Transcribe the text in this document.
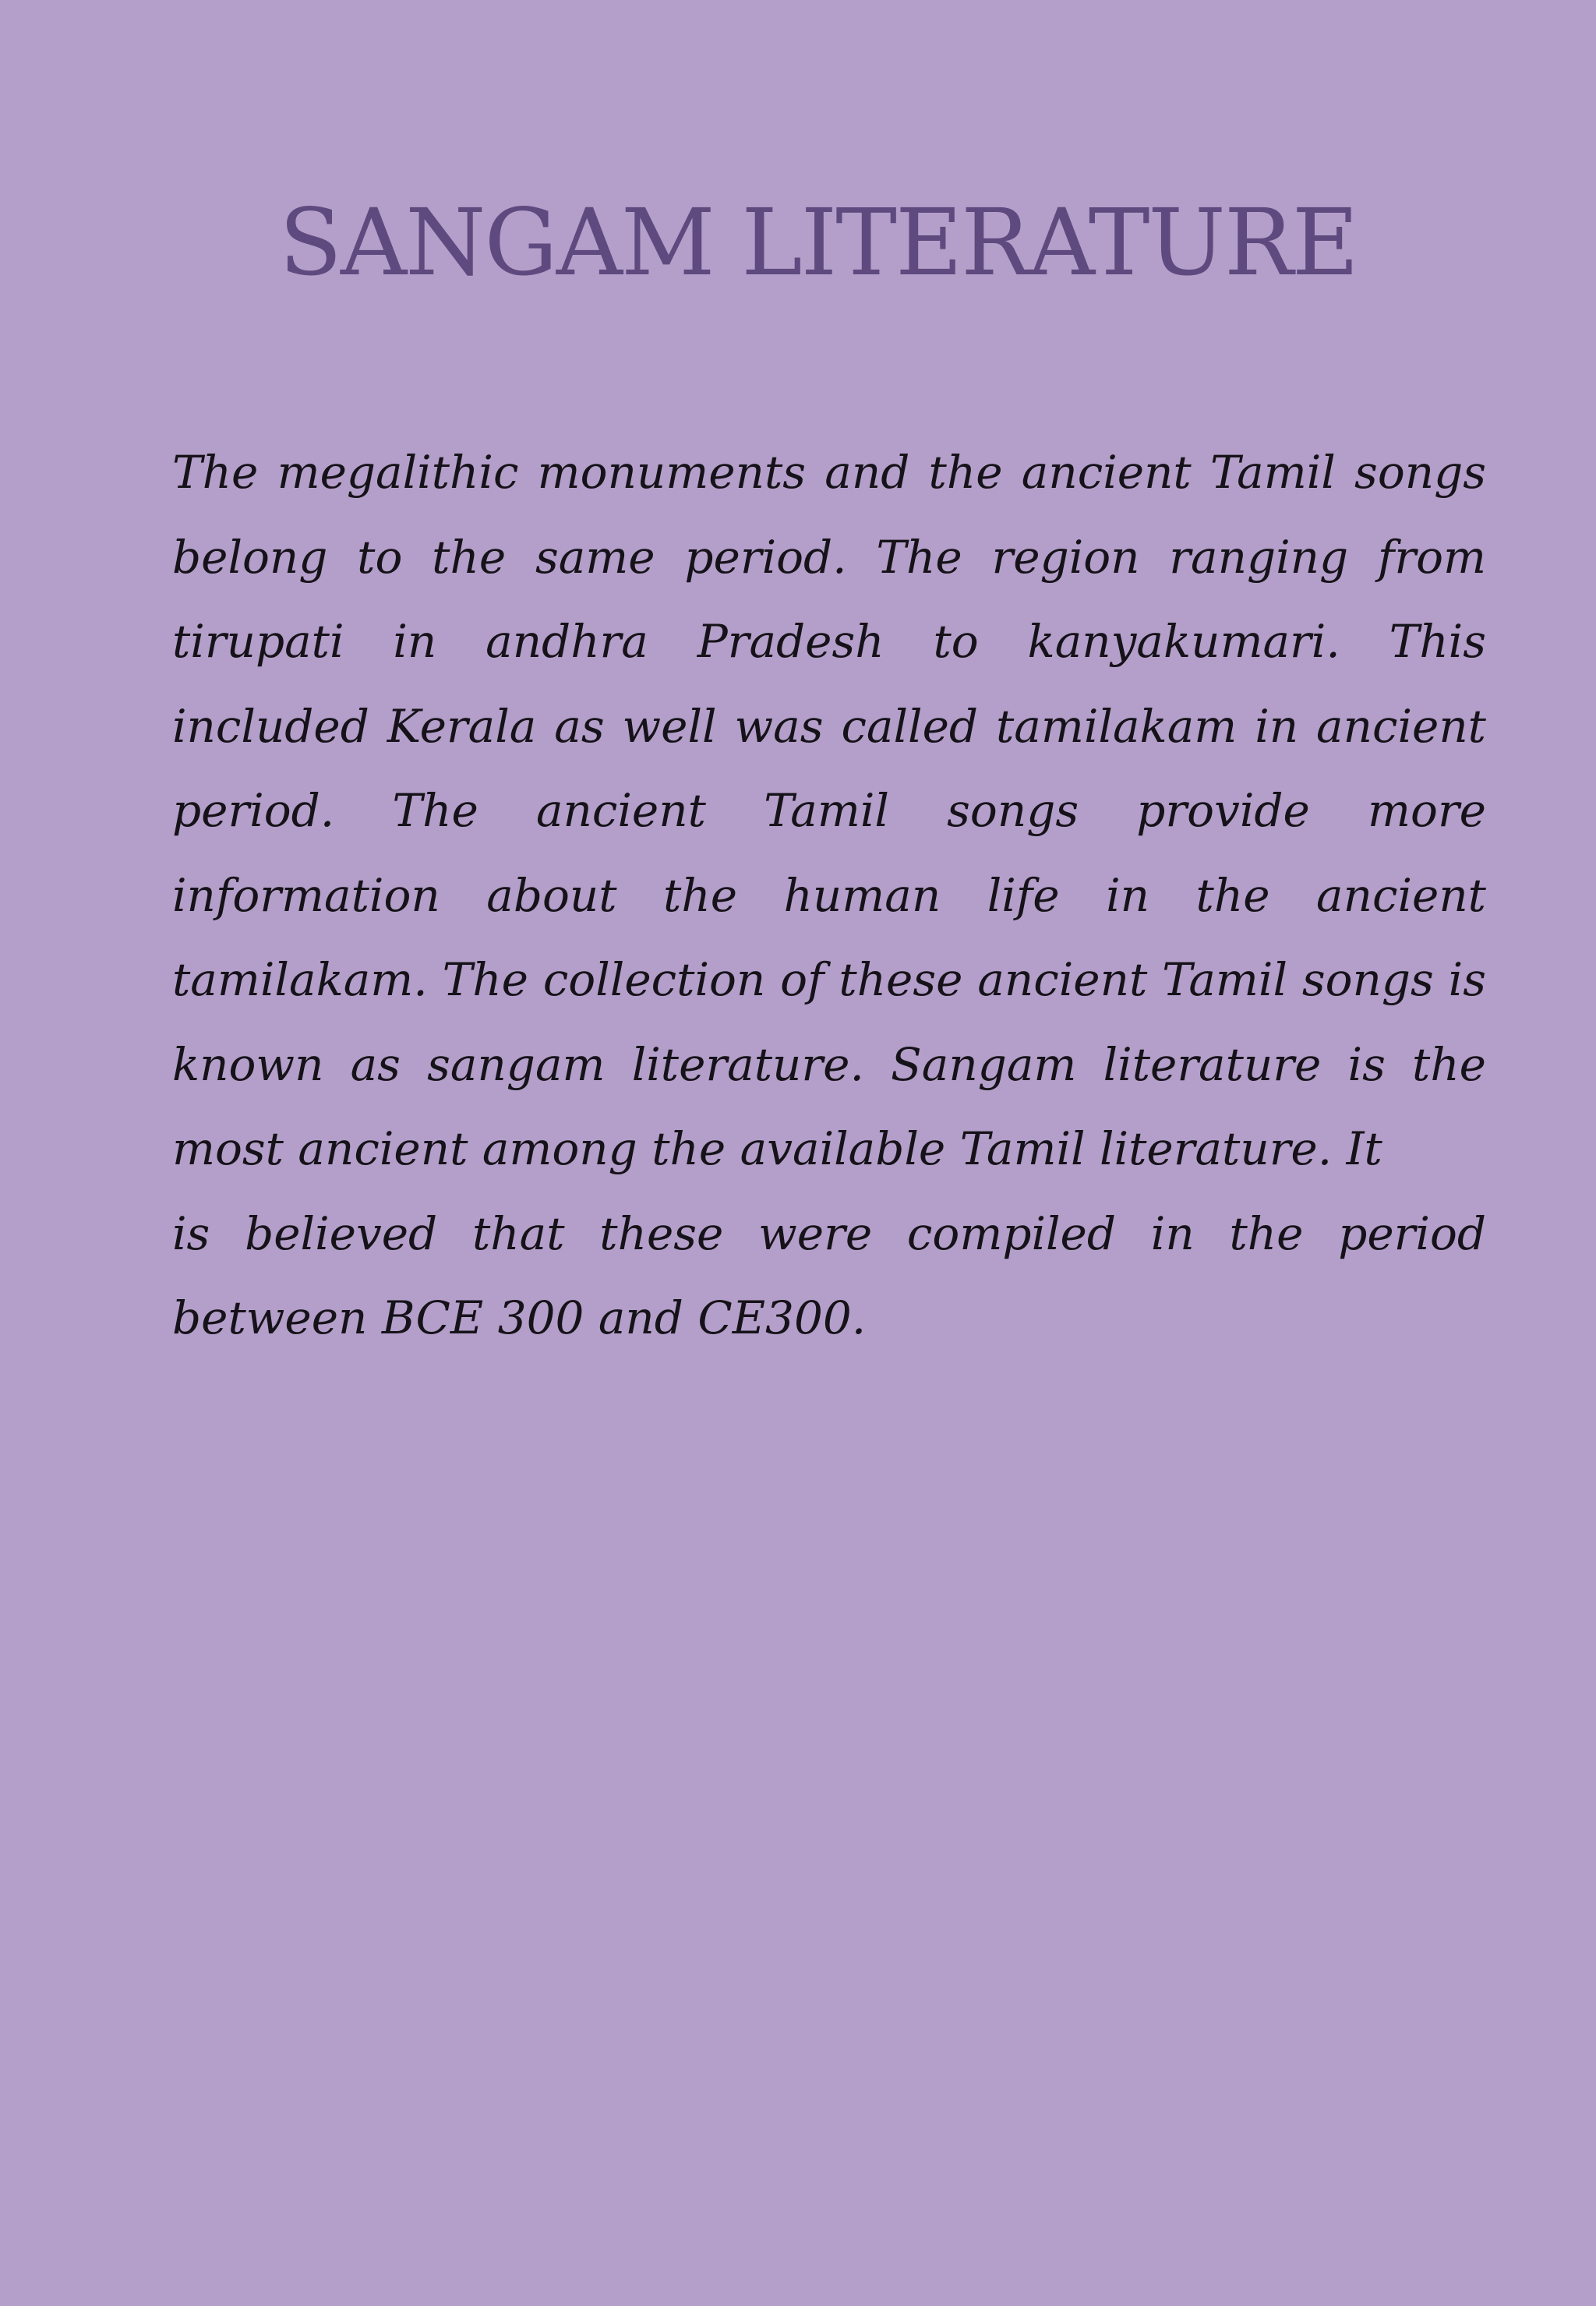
SANGAM LITERATURE

The megalithic monuments and the ancient Tamil songs belong to the same period. The region ranging from tirupati in andhra Pradesh to kanyakumari. This included Kerala as well was called tamilakam in ancient period. The ancient Tamil songs provide more information about the human life in the ancient tamilakam. The collection of these ancient Tamil songs is known as sangam literature. Sangam literature is the most ancient among the available Tamil literature. It

is believed that these were compiled in the period between BCE 300 and CE300.
